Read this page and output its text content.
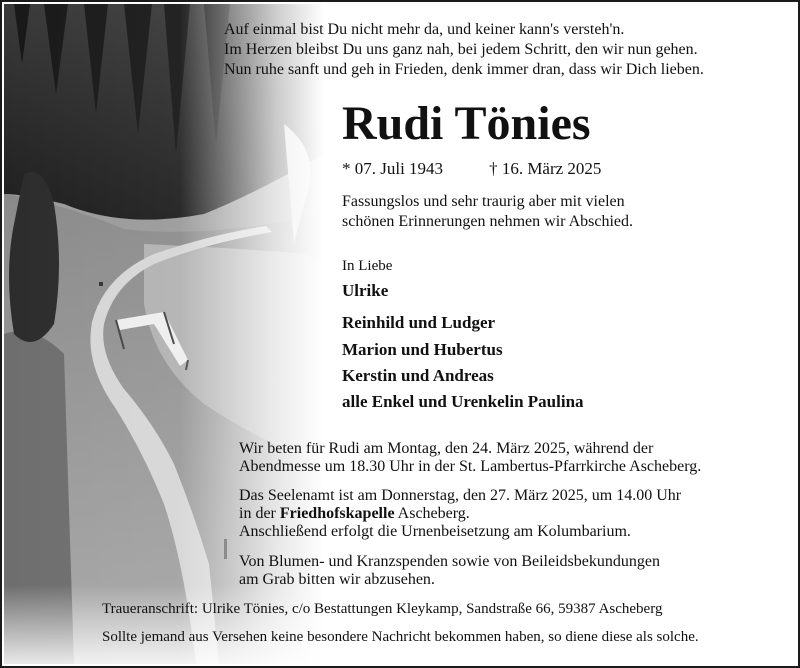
Auf einmal bist Du nicht mehr da, und keiner kann's versteh'n.
Im Herzen bleibst Du uns ganz nah, bei jedem Schritt, den wir nun gehen.
Nun ruhe sanft und geh in Frieden, denk immer dran, dass wir Dich lieben.
Rudi Tönies
* 07. Juli 1943	† 16. März 2025
Fassungslos und sehr traurig aber mit vielen
schönen Erinnerungen nehmen wir Abschied.
In Liebe
Ulrike
Reinhild und Ludger
Marion und Hubertus
Kerstin und Andreas
alle Enkel und Urenkelin Paulina
Wir beten für Rudi am Montag, den 24. März 2025, während der
Abendmesse um 18.30 Uhr in der St. Lambertus-Pfarrkirche Ascheberg.
Das Seelenamt ist am Donnerstag, den 27. März 2025, um 14.00 Uhr
in der Friedhofskapelle Ascheberg.
Anschließend erfolgt die Urnenbeisetzung am Kolumbarium.
Von Blumen- und Kranzspenden sowie von Beileidsbekundungen
am Grab bitten wir abzusehen.
Traueranschrift: Ulrike Tönies, c/o Bestattungen Kleykamp, Sandstraße 66, 59387 Ascheberg
Sollte jemand aus Versehen keine besondere Nachricht bekommen haben, so diene diese als solche.
